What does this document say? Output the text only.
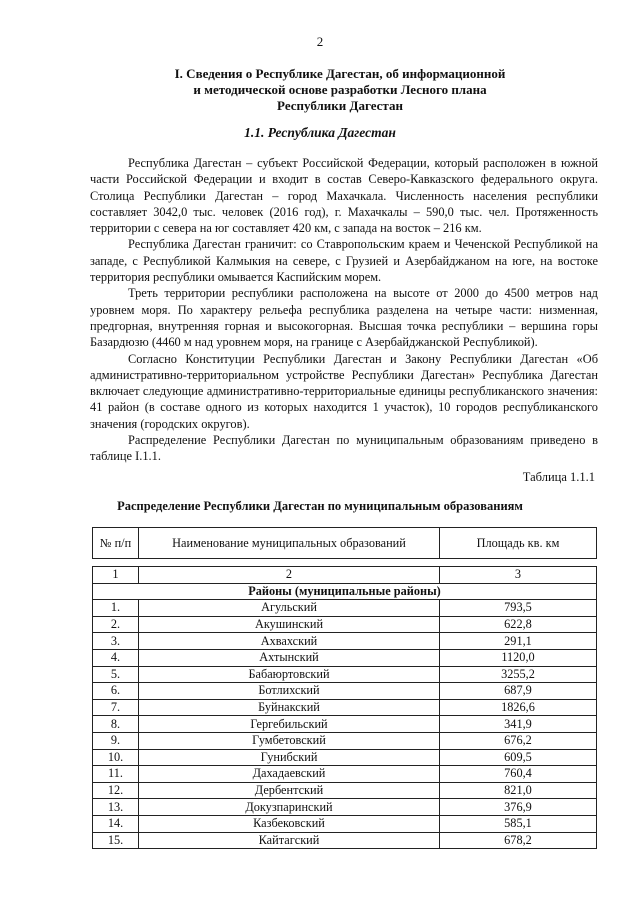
2
I. Сведения о Республике Дагестан, об информационной
и методической основе разработки Лесного плана
Республики Дагестан
1.1. Республика Дагестан

Республика Дагестан – субъект Российской Федерации, который расположен в южной части Российской Федерации и входит в состав Северо-Кавказского федерального округа. Столица Республики Дагестан – город Махачкала. Численность населения республики составляет 3042,0 тыс. человек (2016 год), г. Махачкалы – 590,0 тыс. чел. Протяженность территории с севера на юг составляет 420 км, с запада на восток – 216 км.

Республика Дагестан граничит: со Ставропольским краем и Чеченской Республикой на западе, с Республикой Калмыкия на севере, с Грузией и Азербайджаном на юге, на востоке территория республики омывается Каспийским морем.

Треть территории республики расположена на высоте от 2000 до 4500 метров над уровнем моря. По характеру рельефа республика разделена на четыре части: низменная, предгорная, внутренняя горная и высокогорная. Высшая точка республики – вершина горы Базардюзю (4460 м над уровнем моря, на границе с Азербайджанской Республикой).

Согласно Конституции Республики Дагестан и Закону Республики Дагестан «Об административно-территориальном устройстве Республики Дагестан» Республика Дагестан включает следующие административно-территориальные единицы республиканского значения: 41 район (в составе одного из которых находится 1 участок), 10 городов республиканского значения (городских округов).

Распределение Республики Дагестан по муниципальным образованиям приведено в таблице I.1.1.

Таблица 1.1.1
Распределение Республики Дагестан по муниципальным образованиям
№ п/п	Наименование муниципальных образований	Площадь кв. км

1	2	3
Районы (муниципальные районы)		
1.	Агульский	793,5
2.	Акушинский	622,8
3.	Ахвахский	291,1
4.	Ахтынский	1120,0
5.	Бабаюртовский	3255,2
6.	Ботлихский	687,9
7.	Буйнакский	1826,6
8.	Гергебильский	341,9
9.	Гумбетовский	676,2
10.	Гунибский	609,5
11.	Дахадаевский	760,4
12.	Дербентский	821,0
13.	Докузпаринский	376,9
14.	Казбековский	585,1
15.	Кайтагский	678,2
